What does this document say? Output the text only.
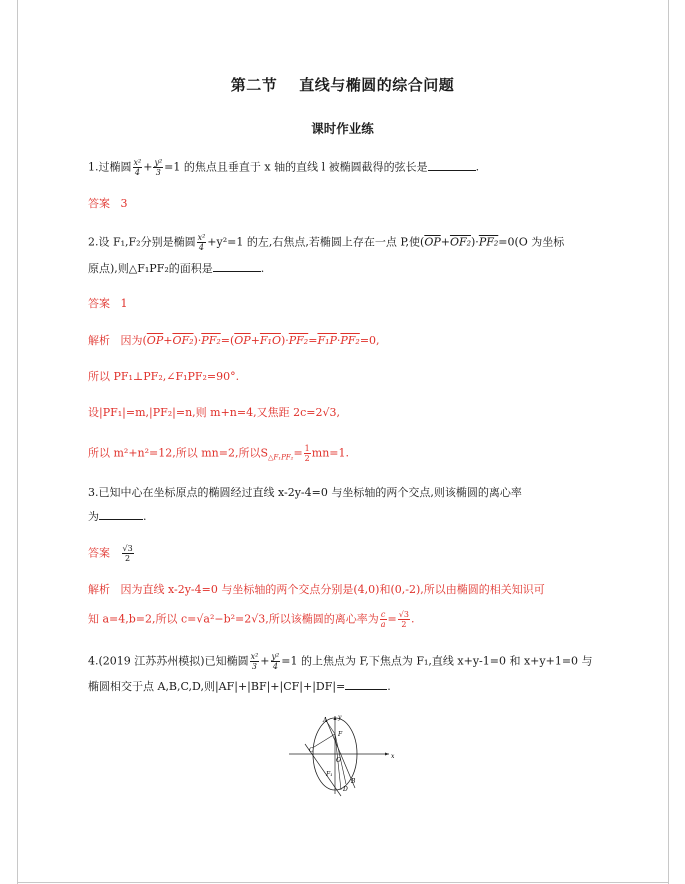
第二节 直线与椭圆的综合问题
课时作业练
1.过椭圆 $\frac{\text{x²}}{4} + \frac{\text{y²}}{3} =1$ 的焦点且垂直于 x 轴的直线 l 被椭圆截得的弦长是	.
答案 3
2.设 F₁,F₂分别是椭圆 $\frac{\text{x²}}{4} +y^2=1$ 的左,右焦点,若椭圆上存在一点 P,使$(\overline{OP}+OF_2)\cdot PF_2=0(O$ 为坐标
原点),则△F₁PF₂的面积是	.
答案 1
解析 因为$(\overline{OP}+OF_2)\cdot PF_2=(\overline{OP}+F_1O)\cdot PF_2=F_1P\cdot PF_2=0$,
所以 PF₁⊥PF₂,∠F₁PF₂=90°.
设|PF₁|=m,|PF₂|=n,则 m+n=4,又焦距 2c=2√3,
所以 m²+n²=12,所以 mn=2,所以$S_{\triangle F_1PF_2}= \frac{1}{2} mn=1$.
3.已知中心在坐标原点的椭圆经过直线 x-2y-4=0 与坐标轴的两个交点,则该椭圆的离心率
为	.
答案 $\frac{√3}{2}$
解析 因为直线 x-2y-4=0 与坐标轴的两个交点分别是(4,0)和(0,-2),所以由椭圆的相关知识可
知 a=4,b=2,所以 c=√a²−b²=2√3,所以该椭圆的离心率为 $\frac{c}{a} = \frac{√3}{2}$ .
4.(2019 江苏苏州模拟)已知椭圆 $\frac{\text{x²}}{3} + \frac{\text{y²}}{4} =1$ 的上焦点为 F,下焦点为 F₁,直线 x+y-1=0 和 x+y+1=0 与
椭圆相交于点 A,B,C,D,则|AF|+|BF|+|CF|+|DF|=	.
y
x
A
F
C
O
F₁
B
D
